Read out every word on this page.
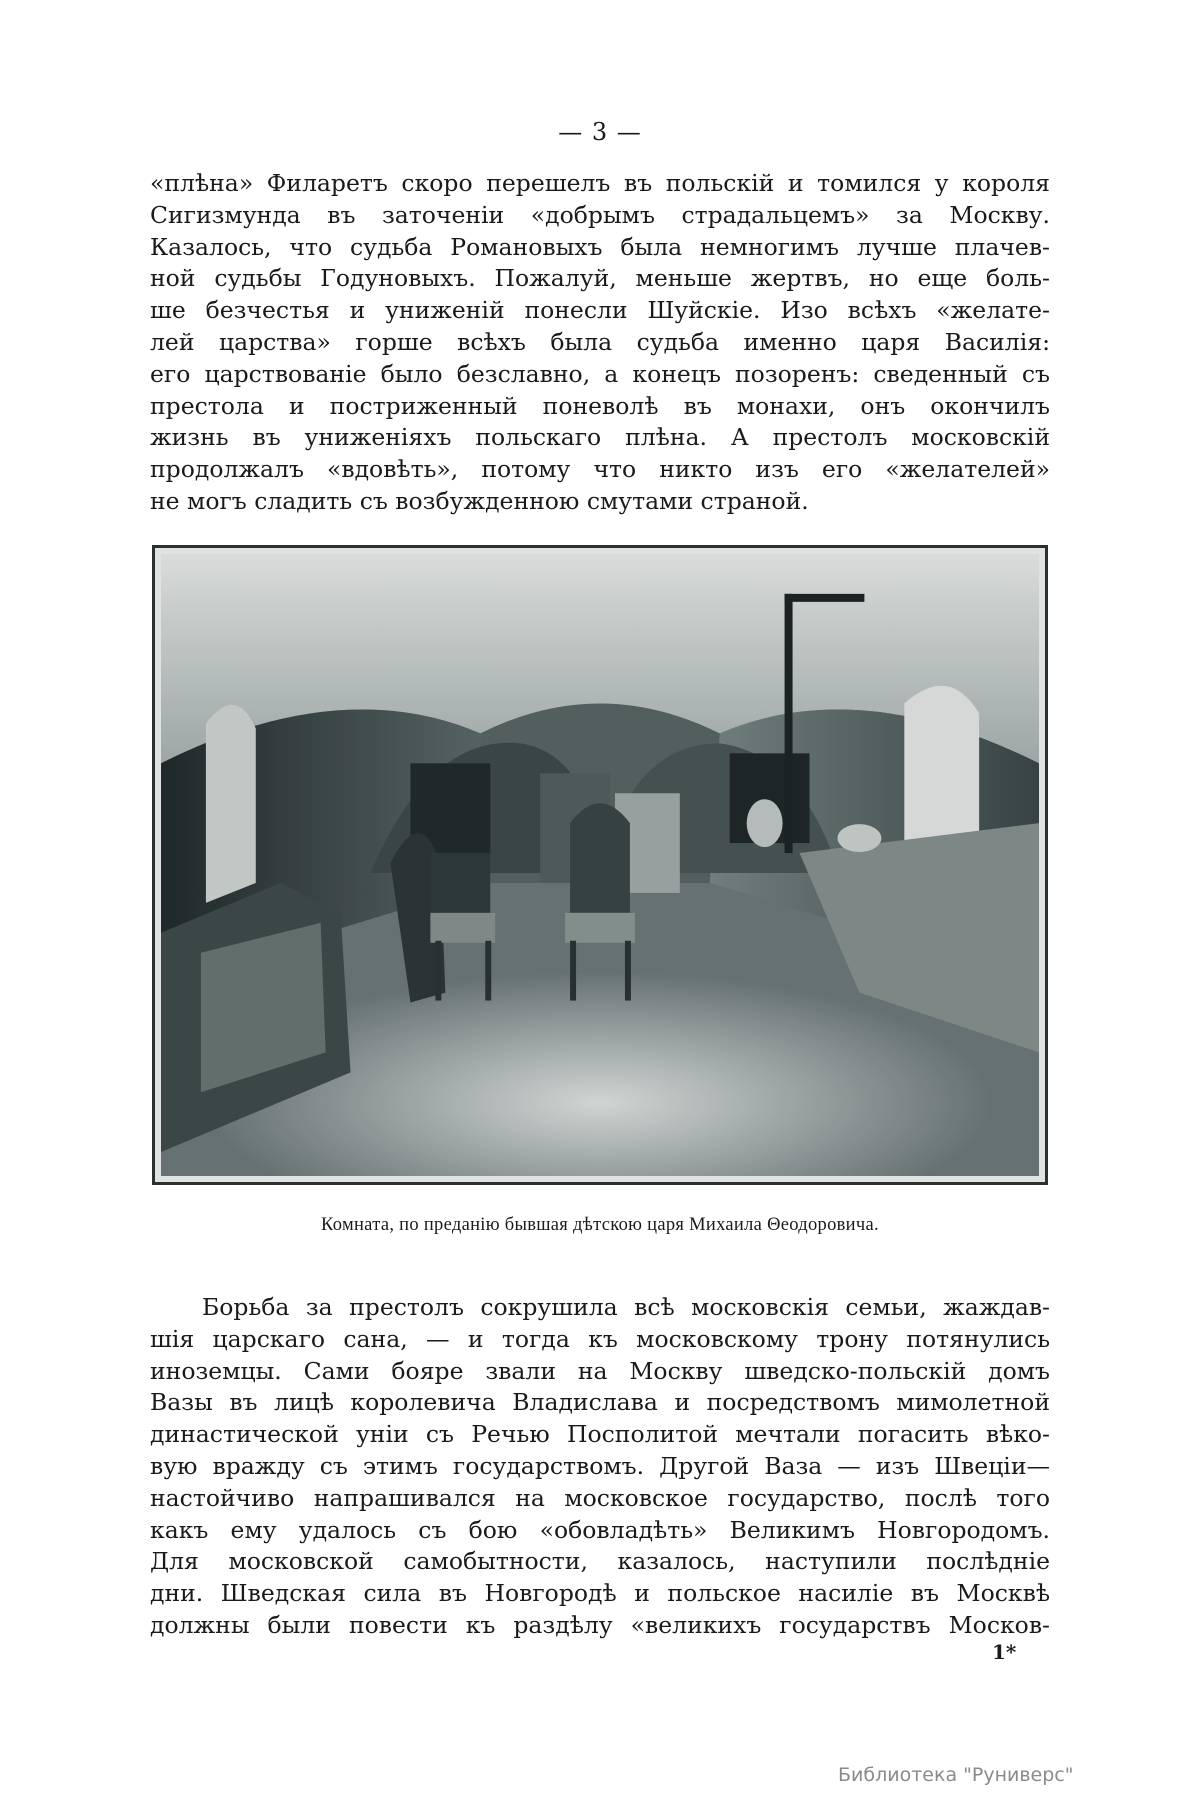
— 3 —
«плѣна» Филаретъ скоро перешелъ въ польскій и томился у короля
Сигизмунда въ заточеніи «добрымъ страдальцемъ» за Москву.
Казалось, что судьба Романовыхъ была немногимъ лучше плачев-
ной судьбы Годуновыхъ. Пожалуй, меньше жертвъ, но еще боль-
ше безчестья и униженій понесли Шуйскіе. Изо всѣхъ «желате-
лей царства» горше всѣхъ была судьба именно царя Василія:
его царствованіе было безславно, а конецъ позоренъ: сведенный съ
престола и постриженный поневолѣ въ монахи, онъ окончилъ
жизнь въ униженіяхъ польскаго плѣна. А престолъ московскій
продолжалъ «вдовѣть», потому что никто изъ его «желателей»
не могъ сладить съ возбужденною смутами страной.
Комната, по преданію бывшая дѣтскою царя Михаила Θеодоровича.
Борьба за престолъ сокрушила всѣ московскія семьи, жаждав-
шія царскаго сана, — и тогда къ московскому трону потянулись
иноземцы. Сами бояре звали на Москву шведско-польскій домъ
Вазы въ лицѣ королевича Владислава и посредствомъ мимолетной
династической уніи съ Речью Посполитой мечтали погасить вѣко-
вую вражду съ этимъ государствомъ. Другой Ваза — изъ Швеціи—
настойчиво напрашивался на московское государство, послѣ того
какъ ему удалось съ бою «обовладѣть» Великимъ Новгородомъ.
Для московской самобытности, казалось, наступили послѣдніе
дни. Шведская сила въ Новгородѣ и польское насиліе въ Москвѣ
должны были повести къ раздѣлу «великихъ государствъ Москов-
1*
Библиотека "Руниверс"
